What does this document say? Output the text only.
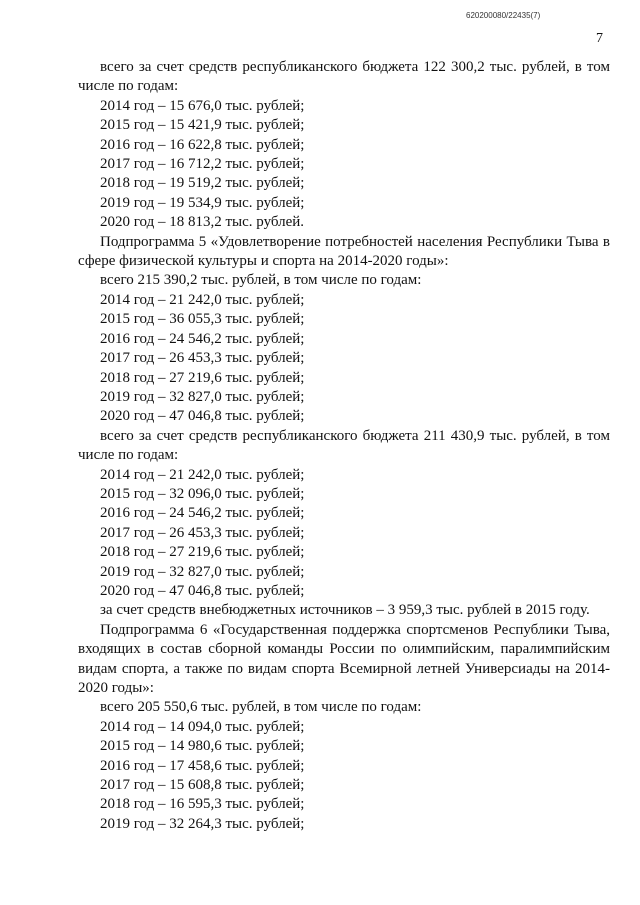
620200080/22435(7)
7

всего за счет средств республиканского бюджета 122 300,2 тыс. рублей, в том числе по годам:

2014 год – 15 676,0 тыс. рублей;

2015 год – 15 421,9 тыс. рублей;

2016 год – 16 622,8 тыс. рублей;

2017 год – 16 712,2 тыс. рублей;

2018 год – 19 519,2 тыс. рублей;

2019 год – 19 534,9 тыс. рублей;

2020 год – 18 813,2 тыс. рублей.

Подпрограмма 5 «Удовлетворение потребностей населения Республики Тыва в сфере физической культуры и спорта на 2014-2020 годы»:

всего 215 390,2 тыс. рублей, в том числе по годам:

2014 год – 21 242,0 тыс. рублей;

2015 год – 36 055,3 тыс. рублей;

2016 год – 24 546,2 тыс. рублей;

2017 год – 26 453,3 тыс. рублей;

2018 год – 27 219,6 тыс. рублей;

2019 год – 32 827,0 тыс. рублей;

2020 год – 47 046,8 тыс. рублей;

всего за счет средств республиканского бюджета 211 430,9 тыс. рублей, в том числе по годам:

2014 год – 21 242,0 тыс. рублей;

2015 год – 32 096,0 тыс. рублей;

2016 год – 24 546,2 тыс. рублей;

2017 год – 26 453,3 тыс. рублей;

2018 год – 27 219,6 тыс. рублей;

2019 год – 32 827,0 тыс. рублей;

2020 год – 47 046,8 тыс. рублей;

за счет средств внебюджетных источников – 3 959,3 тыс. рублей в 2015 году.

Подпрограмма 6 «Государственная поддержка спортсменов Республики Тыва, входящих в состав сборной команды России по олимпийским, паралимпийским видам спорта, а также по видам спорта Всемирной летней Универсиады на 2014-2020 годы»:

всего 205 550,6 тыс. рублей, в том числе по годам:

2014 год – 14 094,0 тыс. рублей;

2015 год – 14 980,6 тыс. рублей;

2016 год – 17 458,6 тыс. рублей;

2017 год – 15 608,8 тыс. рублей;

2018 год – 16 595,3 тыс. рублей;

2019 год – 32 264,3 тыс. рублей;
